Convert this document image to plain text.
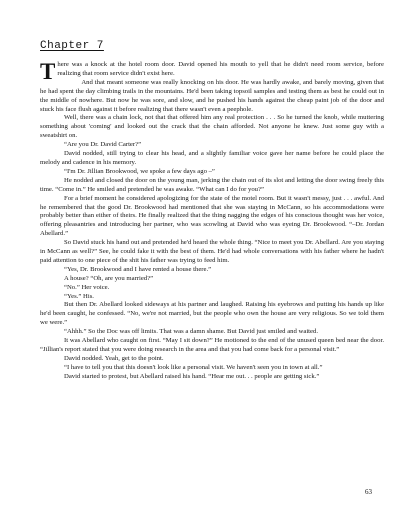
Chapter 7

There was a knock at the hotel room door. David opened his mouth to yell that he didn't need room service, before realizing that room service didn't exist here.

And that meant someone was really knocking on his door. He was hardly awake, and barely moving, given that he had spent the day climbing trails in the mountains. He'd been taking topsoil samples and testing them as best he could out in the middle of nowhere. But now he was sore, and slow, and he pushed his hands against the cheap paint job of the door and stuck his face flush against it before realizing that there wasn't even a peephole.

Well, there was a chain lock, not that that offered him any real protection . . . So he turned the knob, while muttering something about 'coming' and looked out the crack that the chain afforded. Not anyone he knew. Just some guy with a sweatshirt on.

“Are you Dr. David Carter?”

David nodded, still trying to clear his head, and a slightly familiar voice gave her name before he could place the melody and cadence in his memory.

“I'm Dr. Jillian Brookwood, we spoke a few days ago –”

He nodded and closed the door on the young man, jerking the chain out of its slot and letting the door swing freely this time. “Come in.” He smiled and pretended he was awake. “What can I do for you?”

For a brief moment he considered apologizing for the state of the motel room. But it wasn't messy, just . . . awful. And he remembered that the good Dr. Brookwood had mentioned that she was staying in McCann, so his accommodations were probably better than either of theirs. He finally realized that the thing nagging the edges of his conscious thought was her voice, offering pleasantries and introducing her partner, who was scowling at David who was eyeing Dr. Brookwood. “–Dr. Jordan Abellard.”

So David stuck his hand out and pretended he'd heard the whole thing. “Nice to meet you Dr. Abellard. Are you staying in McCann as well?” See, he could fake it with the best of them. He'd had whole conversations with his father where he hadn't paid attention to one piece of the shit his father was trying to feed him.

“Yes, Dr. Brookwood and I have rented a house there.”

A house? “Oh, are you married?”

“No.” Her voice.

“Yes.” His.

But then Dr. Abellard looked sideways at his partner and laughed. Raising his eyebrows and putting his hands up like he'd been caught, he confessed. “No, we're not married, but the people who own the house are very religious. So we told them we were.”

“Ahhh.” So the Doc was off limits. That was a damn shame. But David just smiled and waited.

It was Abellard who caught on first. “May I sit down?” He motioned to the end of the unused queen bed near the door. “Jillian's report stated that you were doing research in the area and that you had come back for a personal visit.”

David nodded. Yeah, get to the point.

“I have to tell you that this doesn't look like a personal visit. We haven't seen you in town at all.”

David started to protest, but Abellard raised his hand. “Hear me out. . . people are getting sick.”

63
